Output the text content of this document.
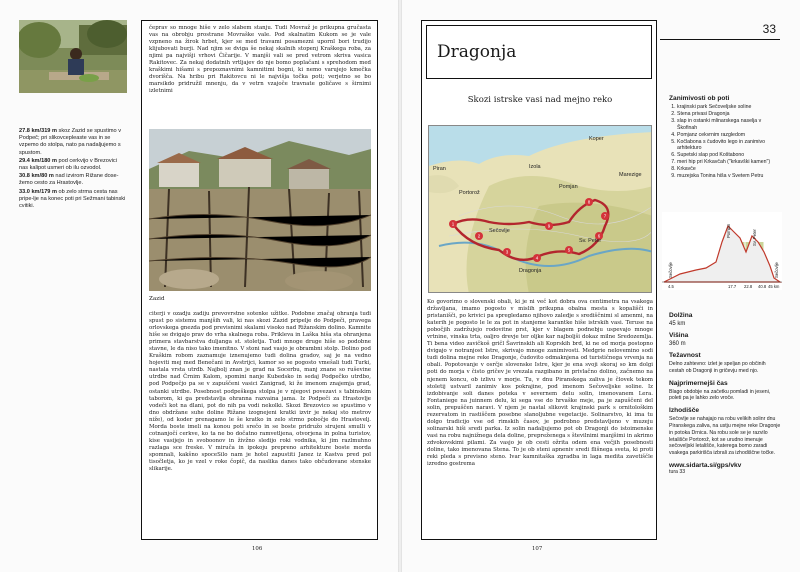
27.8 km/319 m skoz Zazid se spustimo v Podpeč; pri slikovcepleaste vas in se vzpemo do stolpa, nato pa nadaljujemo s spustom.

29.4 km/180 m pod cerkvijo v Brezovici nas kalipot usmeri ob ilu ozvodol.

30.8 km/80 m nad izvirom Rižane dose-žemo cesto za Hrastovlje.

33.0 km/179 m ob zelo strma cesta nas pripe-lje na konec poti pri Sežmani tabinski cvitiki.

čeprav so mnoge hiše v zelo slabem stanju. Tudi Movraž je prikupna gručasta vas na obrobju prostrane Movraške vale. Pod skalnatim Kukom se je vale vzpneno na žirok hrbet, kjer se med travami posamezni upornl bori trudijo klijubovati burji. Nad njim se dviga še nekaj skalnih stopenj Kraškega roba, za njimi pa najvišji vrhovi Čičarije. V manjši vali se pred vetrom skriva vasica Rakitovec. Za nekaj dodatnih vrtljajev do nje bomo poplačani s sprehodom med kraškimi hišami s prepoznavnimi kamnitimi bogni, ki nemo varujejo kmečka dvorišča. Na hribu pri Rakitovcu ni le najvišja točka poti; verjetno se bo marsikdo pridružil mnenju, da v vetrn vzajoče travnate goličave s širnimi izletnimi
Zazid
citerji v ozadju zadiju prevovrstne sotenke užitke. Podobne značaj ohranja tudi spust po sistemu manjših vali, ki nas skozi Zazid pripelje do Podpeči, pravega orlovskega gnezda pod previsnimi skalami visoko nad Rižanskim dolino. Kamnite hiše se dvigajo prav do vrha skalnega roba. Prikleva in Laška hiša sta ohranjena primera stavbarstva duljanga st. stoletja. Tudi mnoge druge hiše so podobne stavne, le da niso tako imenitno. V stoni nad vasjo je obrambni stolp. Dolino pod Kraškim robom zaznamuje iznenujemo tudi dolina gradov, saj je na vedno hojeviti mej med Benečani in Avstrijci, kamor so se pogosto vmešali tudi Turki, nastala vrsta utrdb. Najbolj znan je grad na Socerbu, manj znane so ruševine utrdbe nad Črnim Kalom, spomini nanje Kubedsko in sedaj Podpečko utrdbo, pod Podpečjo pa se v zapuščeni vasici Zanigrad, ki že imenom znajemja grad, ostanki utrdbe. Posebnost podpeškega stolpa je v njegovi povezavi s tabinskim taborom, ki ga predstavlja ohranna razvaina jama. Iz Podpeči za Hrastovlje vodeči kot na dlani, pot do nih pa vodi nekolki. Skozi Brezovico se spustimo v dno obdržane suhe doline Rižane izognejeni kratki izvir je nekaj sto metrov niže), od koder prenagamo le še kratko in zelo strmo pobočje do Hrastovelj. Morda boste imeli na konou poti srečo in se boste pridružo sirujeni smulli v cotnanjočí cerkve, ko ta ne bo dočatno ramvetljena, otvorjena in polna turistov, kise vasijejo in svoboonov in živžno sledijo roki vodnika, ki jim razlmuhno razlaga sce freske. V miruča in ipokoju prepreno arhitekture boste morda spomnali, kakšno spoceSilo nam je hotel zapustiti Janez iz Kastva pred pol tisočletja, ko je vzel v roke čopič, da naslika danes tako občudovane stenske slikarije.
106
Dragonja
Skozi istrske vasi nad mejno reko
1
2
3
4
5
6
7
8
9
Koper
Izola
Piran
Portorož
Sečovlje
Pomjan
Sv. Peter
Marezige
Dragonja
Ko govorimo o slovenski obali, ki je ni več kot dobra ova centimetra na vsakega državljana, imamo pogosto v mislih prikupna obalna mesta s kopališči in pristanišči, po krivici pa spregledamo njihovo zaledje s središčnimi sl amenmi, na katerih je pogosto le le za pot in stanjeme karantke hiše istrskih vasi. Teruse na pobočjih zadržujejo rodovitne prst, kjer v blagem podnebju uspevajo mnoge vrtnine, vinska trta, oaljro drevje ter oljke kar najboljši dokaz milne Sredozemlja. Ti bena video zavičkoš gričl Šavrinskih ali Koprskih brd, ki ne od morja postopno dvigajo v notranjost Istre, skrivajo mnoge zanimivosti. Medgrie nelovemino sodi tudi dolina mejne reke Dragonje, čudovito odmaknjena od turističnega vrvenja na obali. Popotovanje v osrčje slovenske Istre, kjer je ena svoji skoraj so km dolgi poti do morja v čisto gričev je vrezala razgibano in privlačno dolino, začnemo na njenem koncu, ob izlivu v morje. Tu, v dnu Piranskega zaliva je človek tekom stoletij ustvaril zanimiv kos pokrajine, pod imenom Sečoveljske soline. Iz izdobivanje soli danes poteka v severnem delu solin, imenovanem Lera. Fontaniege na juinnem delu, ki sega vse do hrvaške meje, pa je zapuščeni del solin, prepuščen naravi. V njem je nastal slikovit krajinski park s ornitološkim rezervatom in rastiščem posebne slanoljubne vegetacije. Solinarstvo, ki ima tu dolgo tradicijo vse od rimskih časov, je podrobno predstavljeno v muzeju solinarski hiši sredi parka. Iz solin nadaljujemo pot ob Dragonji do istoimenske vasi na robu najnižnega dela doline, prepreženega s številnimi manjšimi in akrimo zdvokovskimi pilami. Za vasjo je ob cesti ožrita odem ena večjih posebnosti doline, tako imenovana Stena. To je ob steni apneniv sredi flišnega sveta, ki proti reki pleda s previsno steno. Ivar kamnitaška zgradba in laga medita zavetiščle izredno gostrema
107
33
Zanimivosti ob poti
1. krajinski park Sečoveljske soline
2. Stena privasi Dragonja
3. slap in ostanki mlinarskega naselja v Škofinah
4. Pomjanz cekvrnim razgledom
5. Kočlabona s čudovito lego in zanimivo arhitekturo
6. Supetski slap pod Koštabono
7. meri hip pri Krkavčah ("krkavški kamen")
8. Krkavče
9. muzejska Tonina hiša v Svetem Petru
Sečovlje
Pomjan	Sv. Peter
Sečovlje
4.5	17.7 22.8 40.8 45 km
Dolžina
45 km
Višina
360 m
Težavnost
Delno zahtevno: izlet je speljan po občinih cestah ob Dragonji in gričevju med njo.
Najprimernejši čas
Blago obdobje na začetku pomladi in jeseni, poleti pa je lahko zelo vroče.
Izhodišče
Sečovlje se nahajajo na robu velikih solinr dnu Piranskega zaliva, na ustju mejne reke Dragonje in potoka Drnica. Na robu sole se je razvilo letališče Portorož, kot se urudno imenuje sečoveljski letališče, katerega bomo zaradi vsakega parkirišča izbrali za izhodiščne točke.
www.sidarta.si/gps/vkv
tura 33
